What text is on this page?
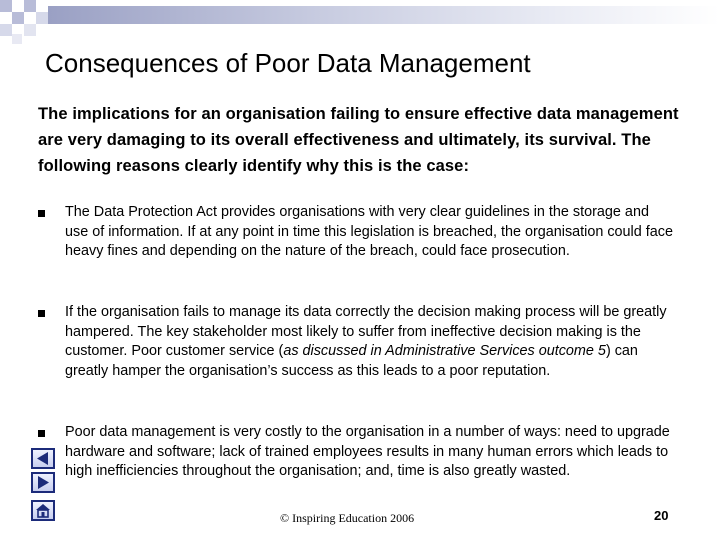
Consequences of Poor Data Management
The implications for an organisation failing to ensure effective data management are very damaging to its overall effectiveness and ultimately, its survival. The following reasons clearly identify why this is the case:
The Data Protection Act provides organisations with very clear guidelines in the storage and use of information. If at any point in time this legislation is breached, the organisation could face heavy fines and depending on the nature of the breach, could face prosecution.
If the organisation fails to manage its data correctly the decision making process will be greatly hampered. The key stakeholder most likely to suffer from ineffective decision making is the customer. Poor customer service (as discussed in Administrative Services outcome 5) can greatly hamper the organisation’s success as this leads to a poor reputation.
Poor data management is very costly to the organisation in a number of ways: need to upgrade hardware and software; lack of trained employees results in many human errors which leads to high inefficiencies throughout the organisation; and, time is also greatly wasted.
© Inspiring Education 2006	20
